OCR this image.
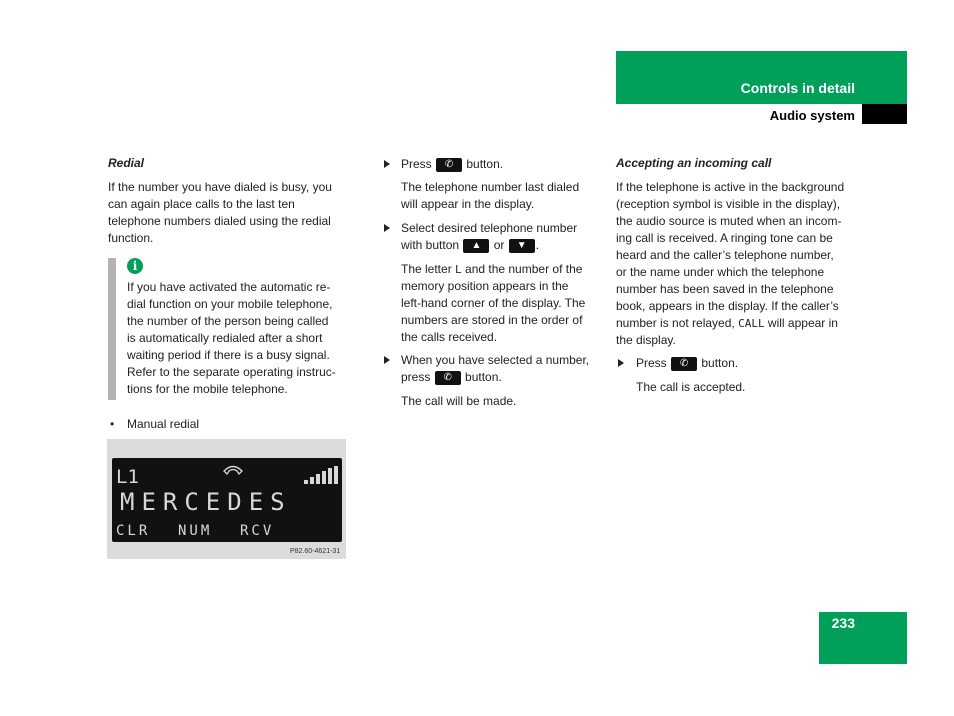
Controls in detail
Audio system
Redial
If the number you have dialed is busy, you
can again place calls to the last ten
telephone numbers dialed using the redial
function.
i
If you have activated the automatic re-
dial function on your mobile telephone,
the number of the person being called
is automatically redialed after a short
waiting period if there is a busy signal.
Refer to the separate operating instruc-
tions for the mobile telephone.
• Manual redial
L1
MERCEDES
CLR NUM RCV
P82.60-4621-31
Press ✆ button.
The telephone number last dialed
will appear in the display.
Select desired telephone number
with button ▲ or ▼ .
The letter L and the number of the
memory position appears in the
left-hand corner of the display. The
numbers are stored in the order of
the calls received.
When you have selected a number,
press ✆ button.
The call will be made.
Accepting an incoming call
If the telephone is active in the background
(reception symbol is visible in the display),
the audio source is muted when an incom-
ing call is received. A ringing tone can be
heard and the caller’s telephone number,
or the name under which the telephone
number has been saved in the telephone
book, appears in the display. If the caller’s
number is not relayed, CALL will appear in
the display.
Press ✆ button.
The call is accepted.
233
